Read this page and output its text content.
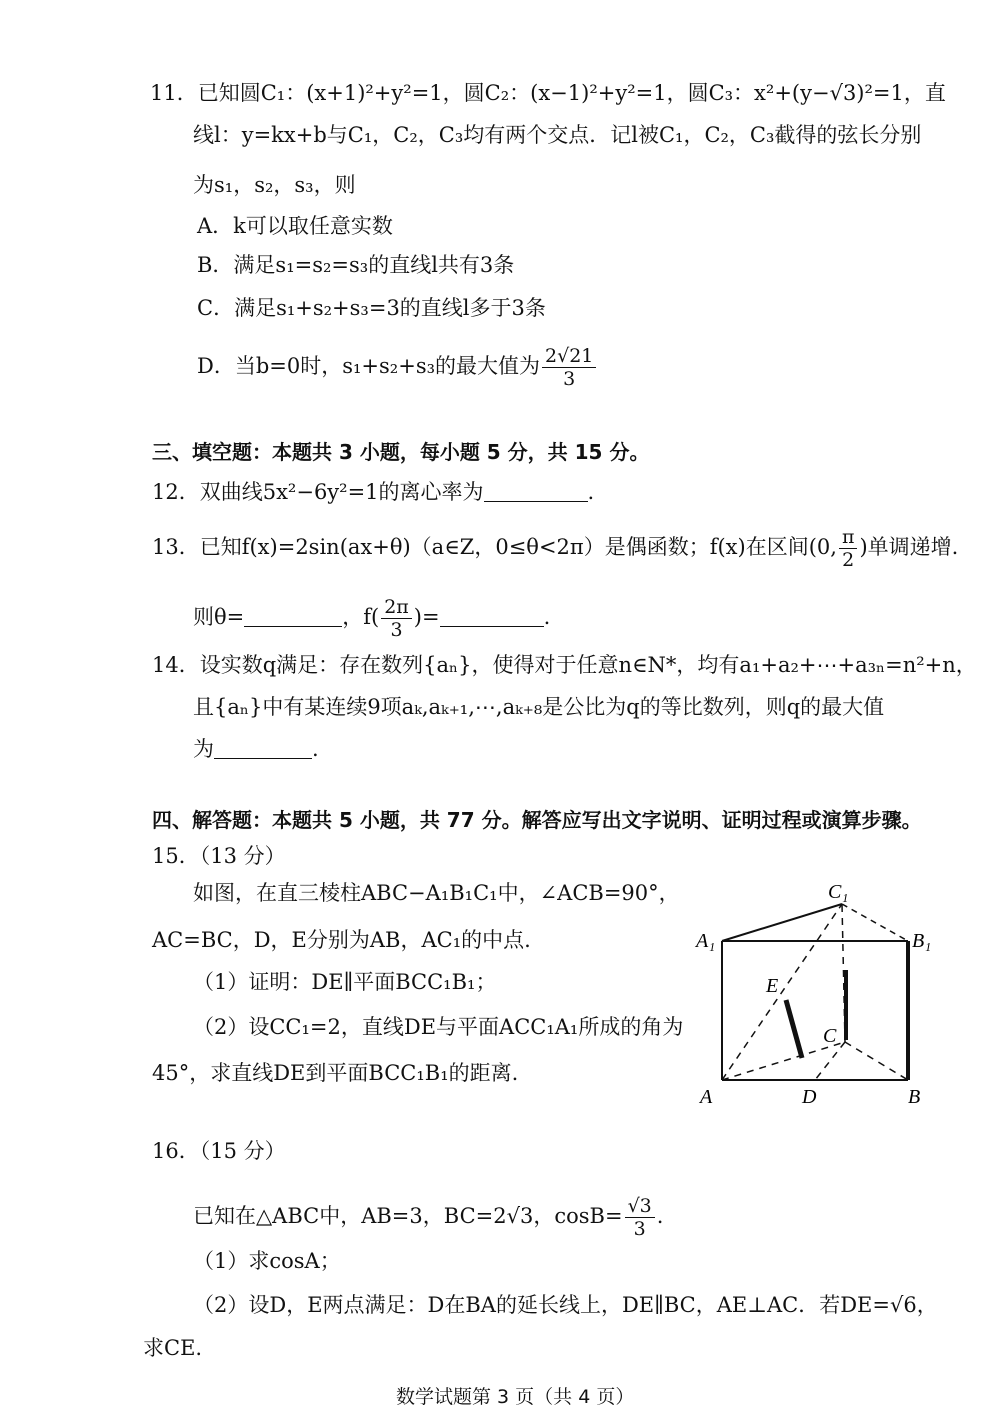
11．已知圆C₁：(x+1)²+y²=1，圆C₂：(x−1)²+y²=1，圆C₃：x²+(y−√3)²=1，直
线l：y=kx+b与C₁，C₂，C₃均有两个交点．记l被C₁，C₂，C₃截得的弦长分别
为s₁，s₂，s₃，则
A．k可以取任意实数
B．满足s₁=s₂=s₃的直线l共有3条
C．满足s₁+s₂+s₃=3的直线l多于3条
D．当b=0时，s₁+s₂+s₃的最大值为 $\frac{2√21}{3}$
三、填空题：本题共 3 小题，每小题 5 分，共 15 分。
12．双曲线5x²−6y²=1的离心率为	.
13．已知f(x)=2sin(ax+θ)（a∈Z，0≤θ<2π）是偶函数；f(x)在区间(0, $\frac{\pi}{2}$ )单调递增.
则θ=	，$f( \frac{2\pi}{3}$ )=	.
14．设实数q满足：存在数列{aₙ}，使得对于任意n∈N*，均有a₁+a₂+⋯+a₃ₙ=n²+n，
且{aₙ}中有某连续9项aₖ,aₖ₊₁,⋯,aₖ₊₈是公比为q的等比数列，则q的最大值
为	.
四、解答题：本题共 5 小题，共 77 分。解答应写出文字说明、证明过程或演算步骤。
15．（13 分）
如图，在直三棱柱ABC−A₁B₁C₁中，∠ACB=90°，
AC=BC，D，E分别为AB，AC₁的中点.
（1）证明：DE∥平面BCC₁B₁；
（2）设CC₁=2，直线DE与平面ACC₁A₁所成的角为
45°，求直线DE到平面BCC₁B₁的距离.
C₁
A₁	B₁
E
C
A	D	B
16．（15 分）
已知在△ABC中，AB=3，BC=2√3，$\cos B= \frac{√3}{3}$ .
（1）求cosA；
（2）设D，E两点满足：D在BA的延长线上，DE∥BC，AE⊥AC．若DE=√6，
求CE.
数学试题第 3 页（共 4 页）
